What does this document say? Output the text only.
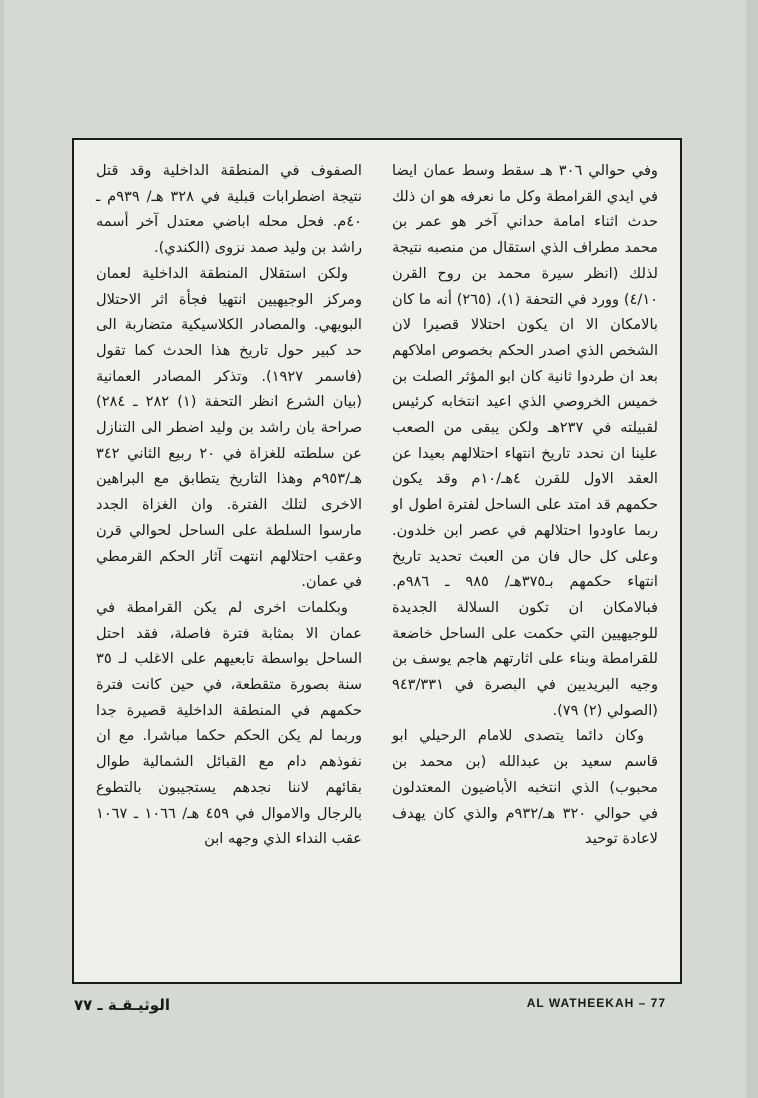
وفي حوالي ٣٠٦ هـ سقط وسط عمان ايضا في ايدي القرامطة وكل ما نعرفه هو ان ذلك حدث اثناء امامة حداني آخر هو عمر بن محمد مطراف الذي استقال من منصبه نتيجة لذلك (انظر سيرة محمد بن روح القرن ٤/١٠) وورد في التحفة (١)، (٢٦٥) أنه ما كان بالامكان الا ان يكون احتلالا قصيرا لان الشخص الذي اصدر الحكم بخصوص املاكهم بعد ان طردوا ثانية كان ابو المؤثر الصلت بن خميس الخروصي الذي اعيد انتخابه كرئيس لقبيلته في ٢٣٧هـ ولكن يبقى من الصعب علينا ان نحدد تاريخ انتهاء احتلالهم بعيدا عن العقد الاول للقرن ٤هـ/١٠م وقد يكون حكمهم قد امتد على الساحل لفترة اطول او ربما عاودوا احتلالهم في عصر ابن خلدون. وعلى كل حال فان من العبث تحديد تاريخ انتهاء حكمهم بـ٣٧٥هـ/ ٩٨٥ ـ ٩٨٦م. فبالامكان ان تكون السلالة الجديدة للوجيهيين التي حكمت على الساحل خاضعة للقرامطة وبناء على اثارتهم هاجم يوسف بن وجيه البريديين في البصرة في ٩٤٣/٣٣١ (الصولي (٢) ٧٩).

وكان دائما يتصدى للامام الرحيلي ابو قاسم سعيد بن عبدالله (بن محمد بن محبوب) الذي انتخبه الأباضيون المعتدلون في حوالي ٣٢٠ هـ/٩٣٢م والذي كان يهدف لاعادة توحيد

الصفوف في المنطقة الداخلية وقد قتل نتيجة اضطرابات قبلية في ٣٢٨ هـ/ ٩٣٩م ـ ٤٠م. فحل محله اباضي معتدل آخر أسمه راشد بن وليد صمد نزوى (الكندي).

ولكن استقلال المنطقة الداخلية لعمان ومركز الوجيهيين انتهيا فجأة اثر الاحتلال البويهي. والمصادر الكلاسيكية متضاربة الى حد كبير حول تاريخ هذا الحدث كما تقول (فاسمر ١٩٢٧). وتذكر المصادر العمانية (بيان الشرع انظر التحفة (١) ٢٨٢ ـ ٢٨٤) صراحة بان راشد بن وليد اضطر الى التنازل عن سلطته للغزاة في ٢٠ ربيع الثاني ٣٤٢ هـ/٩٥٣م وهذا التاريخ يتطابق مع البراهين الاخرى لتلك الفترة. وان الغزاة الجدد مارسوا السلطة على الساحل لحوالي قرن وعقب احتلالهم انتهت آثار الحكم القرمطي في عمان.

وبكلمات اخرى لم يكن القرامطة في عمان الا بمثابة فترة فاصلة، فقد احتل الساحل بواسطة تابعيهم على الاغلب لـ ٣٥ سنة بصورة متقطعة، في حين كانت فترة حكمهم في المنطقة الداخلية قصيرة جدا وربما لم يكن الحكم حكما مباشرا. مع ان نفوذهم دام مع القبائل الشمالية طوال بقائهم لاننا نجدهم يستجيبون بالتطوع بالرجال والاموال في ٤٥٩ هـ/ ١٠٦٦ ـ ١٠٦٧ عقب النداء الذي وجهه ابن

AL WATHEEKAH – 77
الوثيـقـة ـ ٧٧
